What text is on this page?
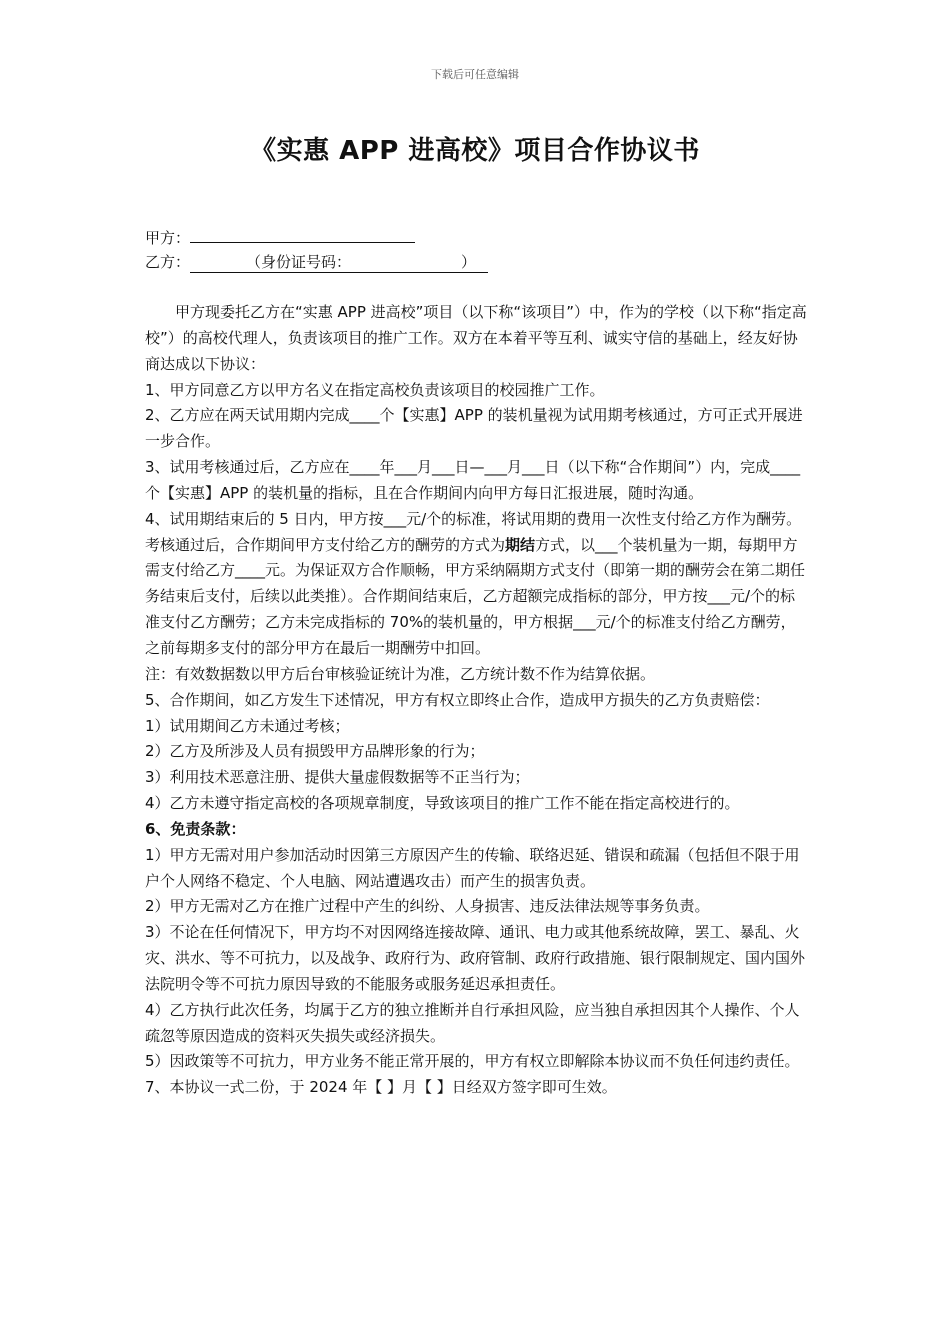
下载后可任意编辑
《实惠 APP 进高校》项目合作协议书
甲方：
乙方：	（身份证号码：	）

甲方现委托乙方在“实惠 APP 进高校”项目（以下称“该项目”）中，作为的学校（以下称“指定高校”）的高校代理人，负责该项目的推广工作。双方在本着平等互利、诚实守信的基础上，经友好协商达成以下协议：

1、甲方同意乙方以甲方名义在指定高校负责该项目的校园推广工作。

2、乙方应在两天试用期内完成____个【实惠】APP 的装机量视为试用期考核通过，方可正式开展进一步合作。

3、试用考核通过后，乙方应在____年___月___日—___月___日（以下称“合作期间”）内，完成____个【实惠】APP 的装机量的指标，且在合作期间内向甲方每日汇报进展，随时沟通。

4、试用期结束后的 5 日内，甲方按___元/个的标准，将试用期的费用一次性支付给乙方作为酬劳。考核通过后，合作期间甲方支付给乙方的酬劳的方式为期结方式，以___个装机量为一期，每期甲方需支付给乙方____元。为保证双方合作顺畅，甲方采纳隔期方式支付（即第一期的酬劳会在第二期任务结束后支付，后续以此类推）。合作期间结束后，乙方超额完成指标的部分，甲方按___元/个的标准支付乙方酬劳；乙方未完成指标的 70%的装机量的，甲方根据___元/个的标准支付给乙方酬劳，之前每期多支付的部分甲方在最后一期酬劳中扣回。

注：有效数据数以甲方后台审核验证统计为准，乙方统计数不作为结算依据。

5、合作期间，如乙方发生下述情况，甲方有权立即终止合作，造成甲方损失的乙方负责赔偿：

1）试用期间乙方未通过考核；

2）乙方及所涉及人员有损毁甲方品牌形象的行为；

3）利用技术恶意注册、提供大量虚假数据等不正当行为；

4）乙方未遵守指定高校的各项规章制度，导致该项目的推广工作不能在指定高校进行的。

6、免责条款：

1）甲方无需对用户参加活动时因第三方原因产生的传输、联络迟延、错误和疏漏（包括但不限于用户个人网络不稳定、个人电脑、网站遭遇攻击）而产生的损害负责。

2）甲方无需对乙方在推广过程中产生的纠纷、人身损害、违反法律法规等事务负责。

3）不论在任何情况下，甲方均不对因网络连接故障、通讯、电力或其他系统故障，罢工、暴乱、火灾、洪水、等不可抗力，以及战争、政府行为、政府管制、政府行政措施、银行限制规定、国内国外法院明令等不可抗力原因导致的不能服务或服务延迟承担责任。

4）乙方执行此次任务，均属于乙方的独立推断并自行承担风险，应当独自承担因其个人操作、个人疏忽等原因造成的资料灭失损失或经济损失。

5）因政策等不可抗力，甲方业务不能正常开展的，甲方有权立即解除本协议而不负任何违约责任。

7、本协议一式二份，于 2024 年【 】月【 】日经双方签字即可生效。
